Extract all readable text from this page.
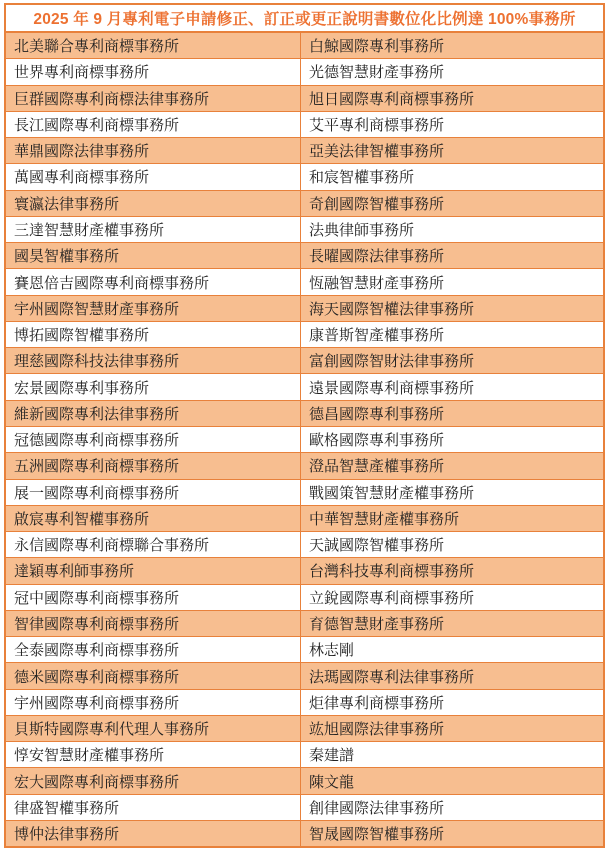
2025 年 9 月專利電子申請修正、訂正或更正說明書數位化比例達 100%事務所
北美聯合專利商標事務所	白鯨國際專利事務所
世界專利商標事務所	光德智慧財產事務所
巨群國際專利商標法律事務所	旭日國際專利商標事務所
長江國際專利商標事務所	艾平專利商標事務所
華鼎國際法律事務所	亞美法律智權事務所
萬國專利商標事務所	和宸智權事務所
寰瀛法律事務所	奇創國際智權事務所
三達智慧財產權事務所	法典律師事務所
國昊智權事務所	長曜國際法律事務所
賽恩倍吉國際專利商標事務所	恆融智慧財產事務所
宇州國際智慧財產事務所	海天國際智權法律事務所
博拓國際智權事務所	康普斯智產權事務所
理慈國際科技法律事務所	富創國際智財法律事務所
宏景國際專利事務所	遠景國際專利商標事務所
維新國際專利法律事務所	德昌國際專利事務所
冠德國際專利商標事務所	歐格國際專利事務所
五洲國際專利商標事務所	澄品智慧產權事務所
展一國際專利商標事務所	戰國策智慧財產權事務所
啟宸專利智權事務所	中華智慧財產權事務所
永信國際專利商標聯合事務所	天誠國際智權事務所
達穎專利師事務所	台灣科技專利商標事務所
冠中國際專利商標事務所	立銳國際專利商標事務所
智律國際專利商標事務所	育德智慧財產事務所
全泰國際專利商標事務所	林志剛
德米國際專利商標事務所	法瑪國際專利法律事務所
宇州國際專利商標事務所	炬律專利商標事務所
貝斯特國際專利代理人事務所	竑旭國際法律事務所
惇安智慧財產權事務所	秦建譜
宏大國際專利商標事務所	陳文龍
律盛智權事務所	創律國際法律事務所
博仲法律事務所	智晟國際智權事務所
